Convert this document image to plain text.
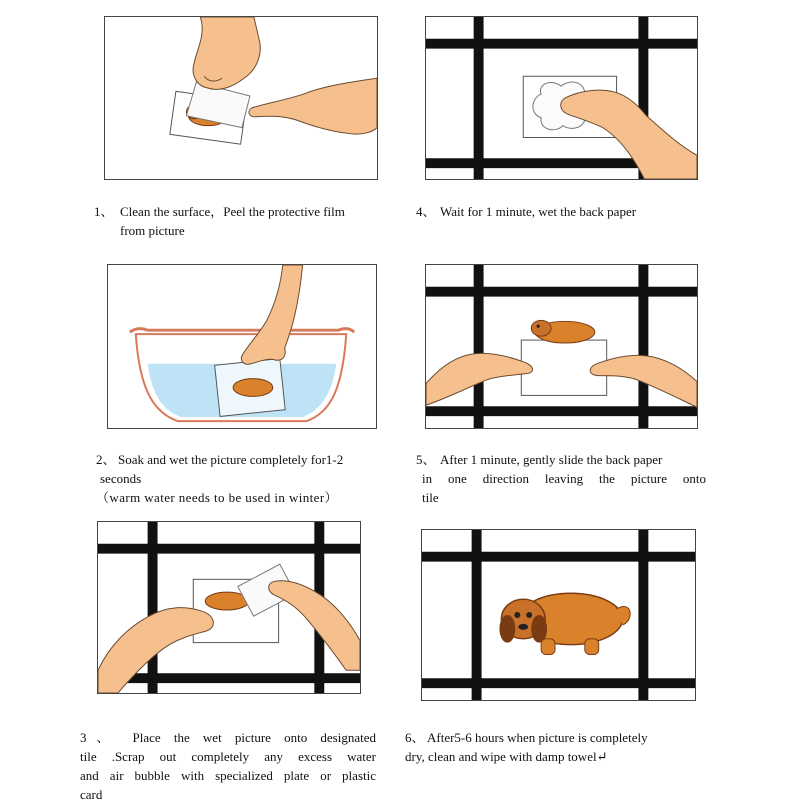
1、 Clean the surface，Peel the protective film
from picture
4、 Wait for 1 minute, wet the back paper
2、 Soak and wet the picture completely for1-2
seconds
（warm water needs to be used in winter）
5、 After 1 minute, gently slide the back paper
in one direction leaving the picture onto
tile
3、 Place the wet picture onto designated
tile .Scrap out completely any excess water
and air bubble with specialized plate or plastic
card
6、 After5-6 hours when picture is completely
dry, clean and wipe with damp towel↵
